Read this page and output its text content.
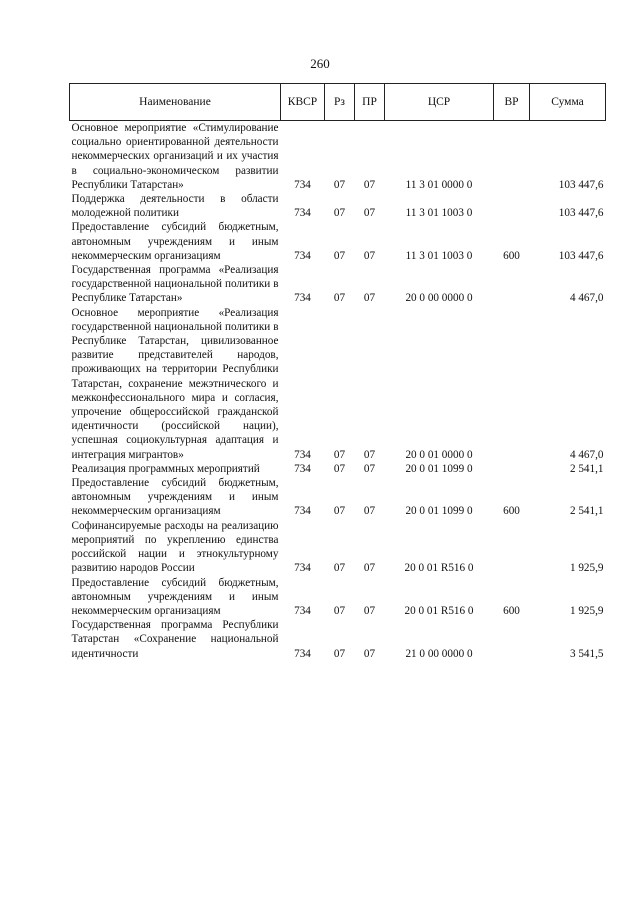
260
Наименование	КВСР	Рз	ПР	ЦСР	ВР	Сумма
Основное мероприятие «Стимулирование социально ориентированной деятельности некоммерческих организаций и их участия в социально-экономическом развитии Республики Татарстан»	734	07	07	11 3 01 0000 0		103 447,6
Поддержка деятельности в области молодежной политики	734	07	07	11 3 01 1003 0		103 447,6
Предоставление субсидий бюджетным, автономным учреждениям и иным некоммерческим организациям	734	07	07	11 3 01 1003 0	600	103 447,6
Государственная программа «Реализация государственной национальной политики в Республике Татарстан»	734	07	07	20 0 00 0000 0		4 467,0
Основное мероприятие «Реализация государственной национальной политики в Республике Татарстан, цивилизованное развитие представителей народов, проживающих на территории Республики Татарстан, сохранение межэтнического и межконфессионального мира и согласия, упрочение общероссийской гражданской идентичности (российской нации), успешная социокультурная адаптация и интеграция мигрантов»	734	07	07	20 0 01 0000 0		4 467,0
Реализация программных мероприятий	734	07	07	20 0 01 1099 0		2 541,1
Предоставление субсидий бюджетным, автономным учреждениям и иным некоммерческим организациям	734	07	07	20 0 01 1099 0	600	2 541,1
Софинансируемые расходы на реализацию мероприятий по укреплению единства российской нации и этнокультурному развитию народов России	734	07	07	20 0 01 R516 0		1 925,9
Предоставление субсидий бюджетным, автономным учреждениям и иным некоммерческим организациям	734	07	07	20 0 01 R516 0	600	1 925,9
Государственная программа Республики Татарстан «Сохранение национальной идентичности	734	07	07	21 0 00 0000 0		3 541,5
